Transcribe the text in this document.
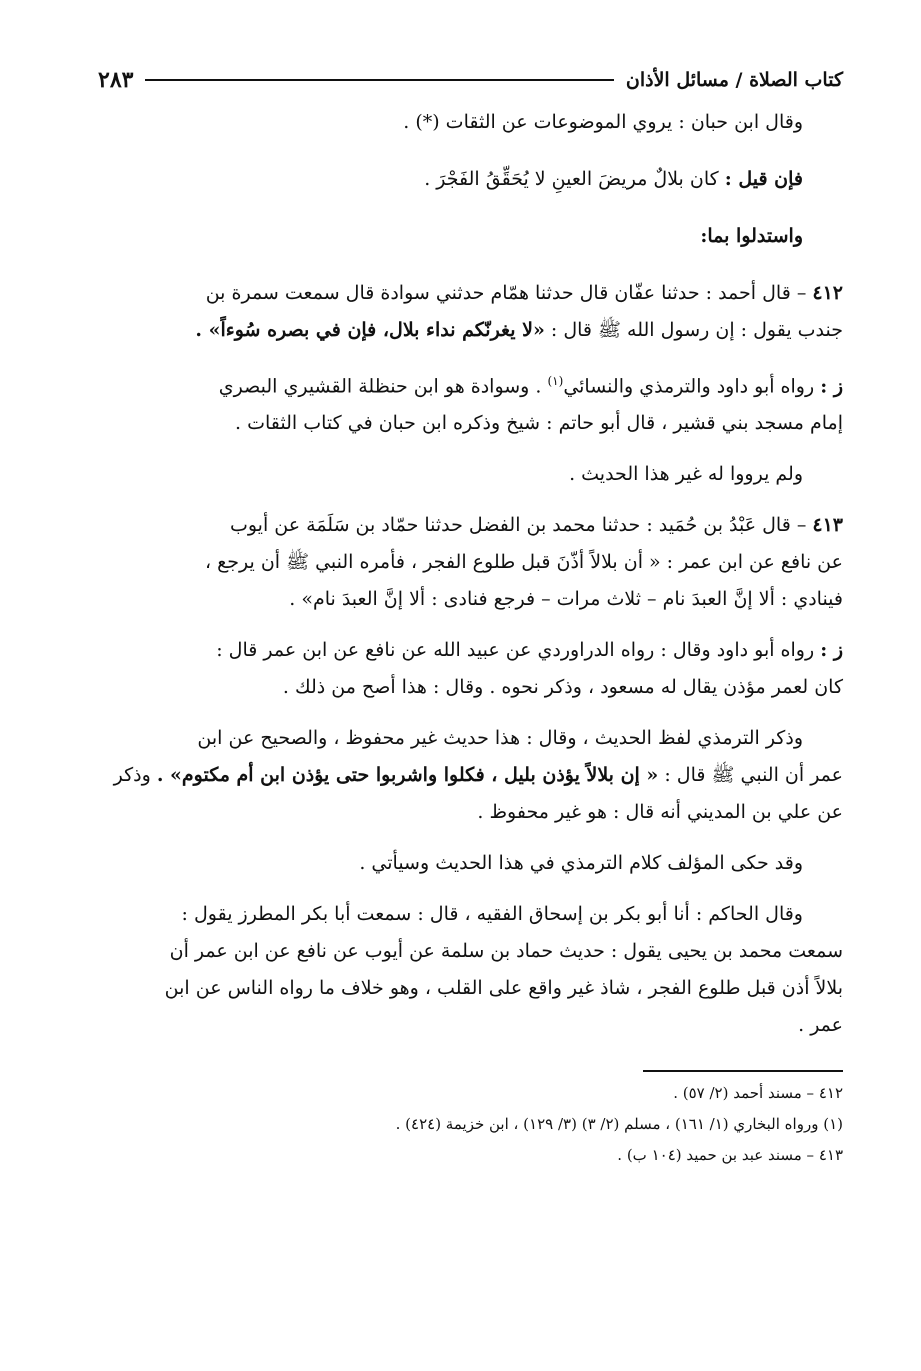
كتاب الصلاة / مسائل الأذان
٢٨٣

وقال ابن حبان : يروي الموضوعات عن الثقات (*) .

فإن قيل : كان بلالٌ مريضَ العينِ لا يُحَقِّقُ الفَجْرَ .

واستدلوا بما:

٤١٢ – قال أحمد : حدثنا عفّان قال حدثنا همّام حدثني سوادة قال سمعت سمرة بن
جندب يقول : إن رسول الله ﷺ قال : «لا يغرنّكم نداء بلال، فإن في بصره سُوءاً» .

ز : رواه أبو داود والترمذي والنسائي$^{(١)}$ . وسوادة هو ابن حنظلة القشيري البصري
إمام مسجد بني قشير ، قال أبو حاتم : شيخ وذكره ابن حبان في كتاب الثقات .

ولم يرووا له غير هذا الحديث .

٤١٣ – قال عَبْدُ بن حُمَيد : حدثنا محمد بن الفضل حدثنا حمّاد بن سَلَمَة عن أيوب
عن نافع عن ابن عمر : « أن بلالاً أذّنَ قبل طلوع الفجر ، فأمره النبي ﷺ أن يرجع ،
فينادي : ألا إنَّ العبدَ نام – ثلاث مرات – فرجع فنادى : ألا إنَّ العبدَ نام» .

ز : رواه أبو داود وقال : رواه الدراوردي عن عبيد الله عن نافع عن ابن عمر قال :
كان لعمر مؤذن يقال له مسعود ، وذكر نحوه . وقال : هذا أصح من ذلك .

وذكر الترمذي لفظ الحديث ، وقال : هذا حديث غير محفوظ ، والصحيح عن ابن
عمر أن النبي ﷺ قال : « إن بلالاً يؤذن بليل ، فكلوا واشربوا حتى يؤذن ابن أم مكتوم» . وذكر
عن علي بن المديني أنه قال : هو غير محفوظ .

وقد حكى المؤلف كلام الترمذي في هذا الحديث وسيأتي .

وقال الحاكم : أنا أبو بكر بن إسحاق الفقيه ، قال : سمعت أبا بكر المطرز يقول :
سمعت محمد بن يحيى يقول : حديث حماد بن سلمة عن أيوب عن نافع عن ابن عمر أن
بلالاً أذن قبل طلوع الفجر ، شاذ غير واقع على القلب ، وهو خلاف ما رواه الناس عن ابن
عمر .

٤١٢ – مسند أحمد (٢/ ٥٧) .

(١) ورواه البخاري (١/ ١٦١) ، مسلم (٢/ ٣) (٣/ ١٢٩) ، ابن خزيمة (٤٢٤) .

٤١٣ – مسند عبد بن حميد (١٠٤ ب) .
